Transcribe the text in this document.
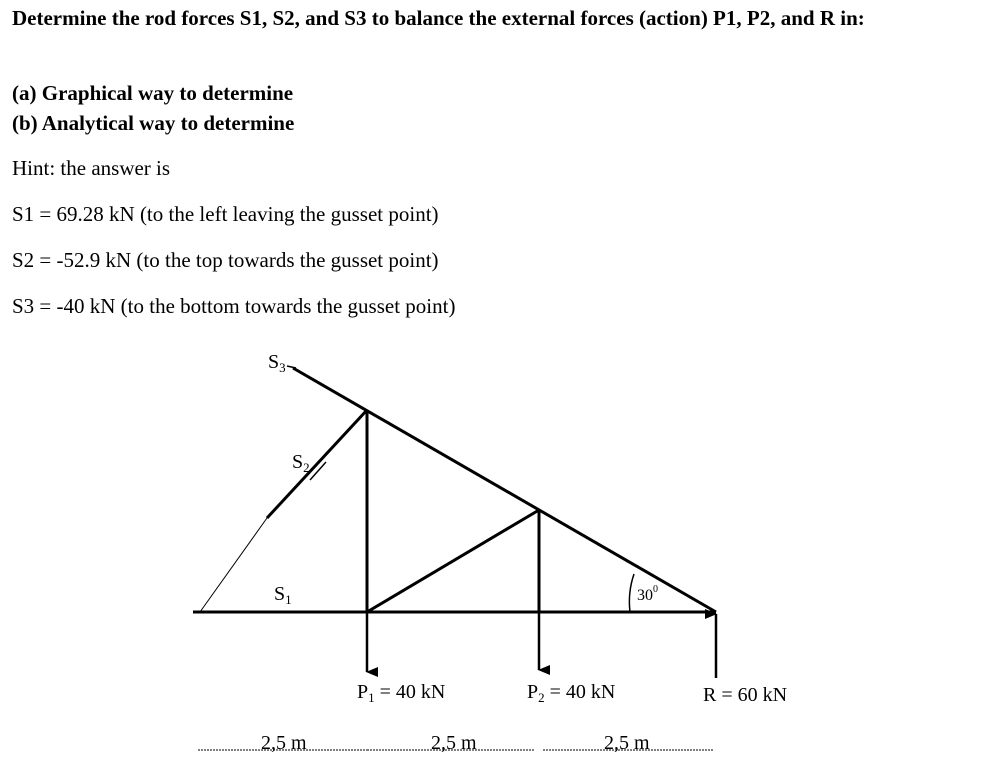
Determine the rod forces S1, S2, and S3 to balance the external forces (action) P1, P2, and R in:

(a) Graphical way to determine

(b) Analytical way to determine

Hint: the answer is

S1 = 69.28 kN (to the left leaving the gusset point)

S2 = -52.9 kN (to the top towards the gusset point)

S3 = -40 kN (to the bottom towards the gusset point)

$S_3$
$S_2$
$S_1$	$30^0$
$P_1 = 40$ kN	$P_2 = 40$ kN	R = 60 kN
2,5 m	2,5 m	2,5 m
